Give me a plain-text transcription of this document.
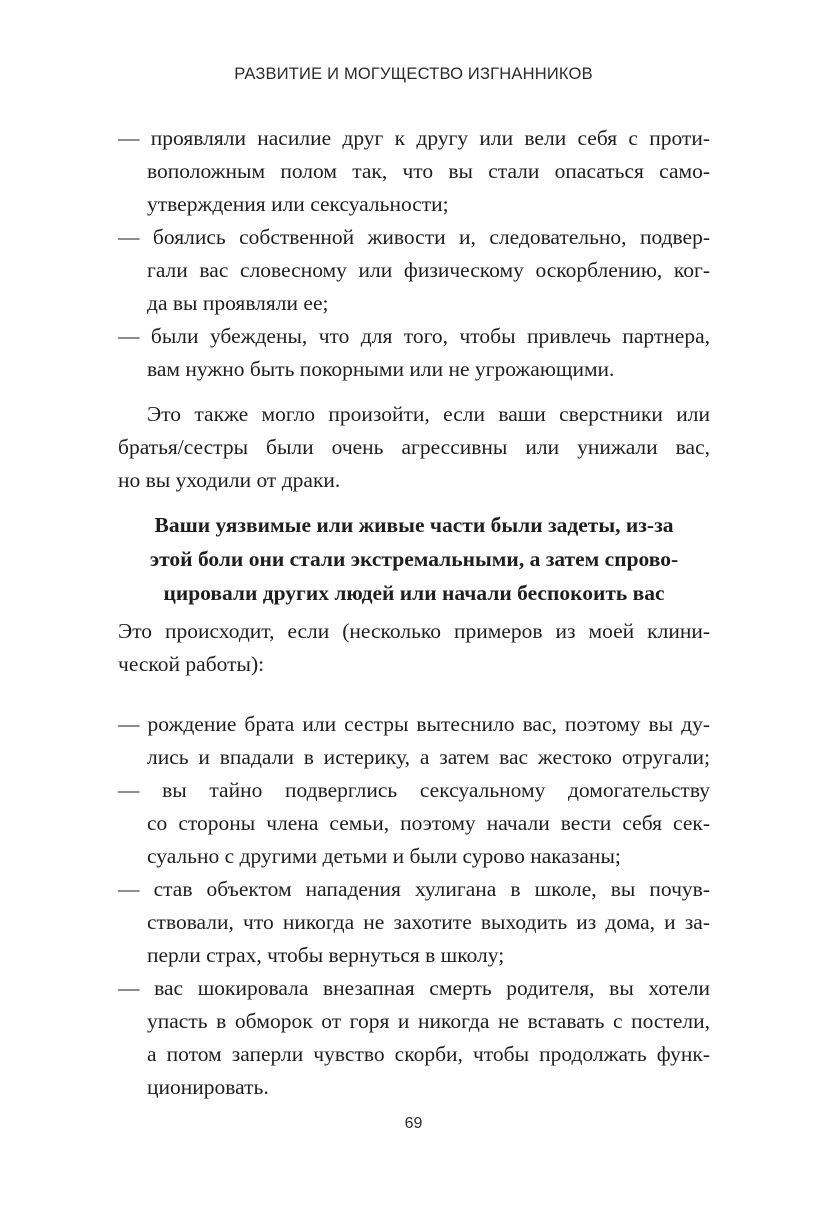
РАЗВИТИЕ И МОГУЩЕСТВО ИЗГНАННИКОВ
— проявляли насилие друг к другу или вели себя с проти-
воположным полом так, что вы стали опасаться само-
утверждения или сексуальности;
— боялись собственной живости и, следовательно, подвер-
гали вас словесному или физическому оскорблению, ког-
да вы проявляли ее;
— были убеждены, что для того, чтобы привлечь партнера,
вам нужно быть покорными или не угрожающими.
Это также могло произойти, если ваши сверстники или
братья/сестры были очень агрессивны или унижали вас,
но вы уходили от драки.
Ваши уязвимые или живые части были задеты, из-за
этой боли они стали экстремальными, а затем спрово-
цировали других людей или начали беспокоить вас
Это происходит, если (несколько примеров из моей клини-
ческой работы):
— рождение брата или сестры вытеснило вас, поэтому вы ду-
лись и впадали в истерику, а затем вас жестоко отругали;
— вы тайно подверглись сексуальному домогательству
со стороны члена семьи, поэтому начали вести себя сек-
суально с другими детьми и были сурово наказаны;
— став объектом нападения хулигана в школе, вы почув-
ствовали, что никогда не захотите выходить из дома, и за-
перли страх, чтобы вернуться в школу;
— вас шокировала внезапная смерть родителя, вы хотели
упасть в обморок от горя и никогда не вставать с постели,
а потом заперли чувство скорби, чтобы продолжать функ-
ционировать.
69
